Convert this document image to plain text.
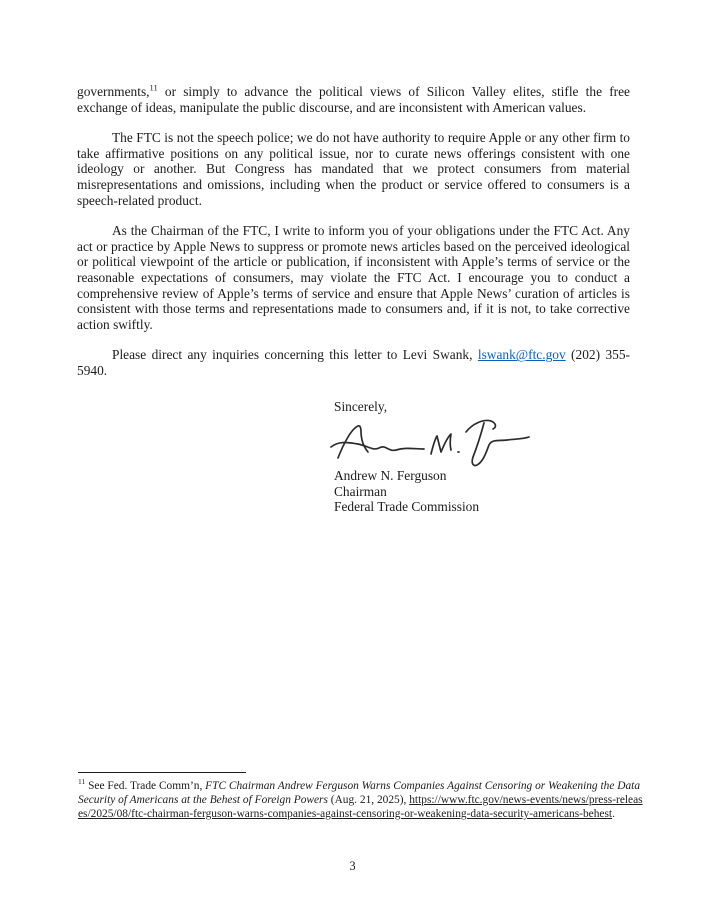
governments,$^{11}$ or simply to advance the political views of Silicon Valley elites, stifle the free exchange of ideas, manipulate the public discourse, and are inconsistent with American values.

The FTC is not the speech police; we do not have authority to require Apple or any other firm to take affirmative positions on any political issue, nor to curate news offerings consistent with one ideology or another. But Congress has mandated that we protect consumers from material misrepresentations and omissions, including when the product or service offered to consumers is a speech-related product.

As the Chairman of the FTC, I write to inform you of your obligations under the FTC Act. Any act or practice by Apple News to suppress or promote news articles based on the perceived ideological or political viewpoint of the article or publication, if inconsistent with Apple’s terms of service or the reasonable expectations of consumers, may violate the FTC Act. I encourage you to conduct a comprehensive review of Apple’s terms of service and ensure that Apple News’ curation of articles is consistent with those terms and representations made to consumers and, if it is not, to take corrective action swiftly.

Please direct any inquiries concerning this letter to Levi Swank, lswank@ftc.gov (202) 355-5940.

Sincerely,
Andrew N. Ferguson
Chairman
Federal Trade Commission
$^{11}$ See Fed. Trade Comm’n, FTC Chairman Andrew Ferguson Warns Companies Against Censoring or Weakening the Data Security of Americans at the Behest of Foreign Powers (Aug. 21, 2025), https://www.ftc.gov/news-events/news/press-releases/2025/08/ftc-chairman-ferguson-warns-companies-against-censoring-or-weakening-data-security-americans-behest.
3
